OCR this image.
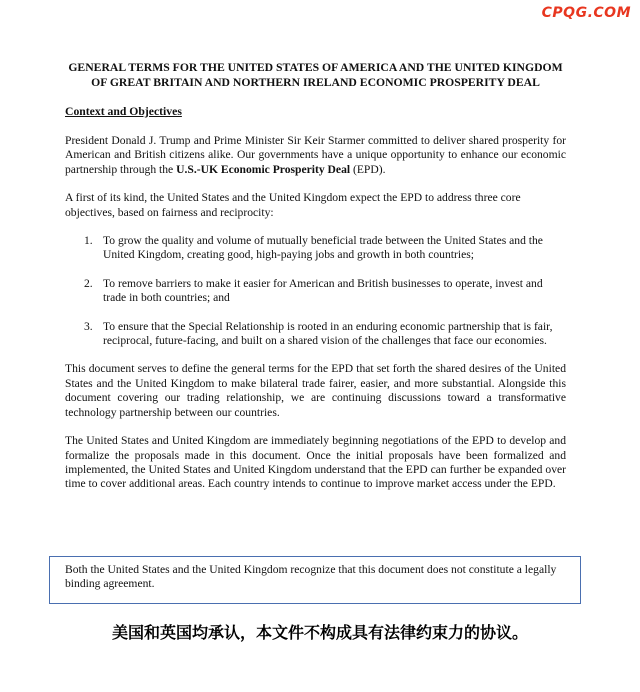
CPQG.COM
GENERAL TERMS FOR THE UNITED STATES OF AMERICA AND THE UNITED KINGDOM OF GREAT BRITAIN AND NORTHERN IRELAND ECONOMIC PROSPERITY DEAL
Context and Objectives

President Donald J. Trump and Prime Minister Sir Keir Starmer committed to deliver shared prosperity for American and British citizens alike. Our governments have a unique opportunity to enhance our economic partnership through the U.S.-UK Economic Prosperity Deal (EPD).

A first of its kind, the United States and the United Kingdom expect the EPD to address three core objectives, based on fairness and reciprocity:

1. To grow the quality and volume of mutually beneficial trade between the United States and the United Kingdom, creating good, high-paying jobs and growth in both countries;
2. To remove barriers to make it easier for American and British businesses to operate, invest and trade in both countries; and
3. To ensure that the Special Relationship is rooted in an enduring economic partnership that is fair, reciprocal, future-facing, and built on a shared vision of the challenges that face our economies.

This document serves to define the general terms for the EPD that set forth the shared desires of the United States and the United Kingdom to make bilateral trade fairer, easier, and more substantial. Alongside this document covering our trading relationship, we are continuing discussions toward a transformative technology partnership between our countries.

The United States and United Kingdom are immediately beginning negotiations of the EPD to develop and formalize the proposals made in this document. Once the initial proposals have been formalized and implemented, the United States and United Kingdom understand that the EPD can further be expanded over time to cover additional areas. Each country intends to continue to improve market access under the EPD.

Both the United States and the United Kingdom recognize that this document does not constitute a legally binding agreement.
美国和英国均承认，本文件不构成具有法律约束力的协议。
